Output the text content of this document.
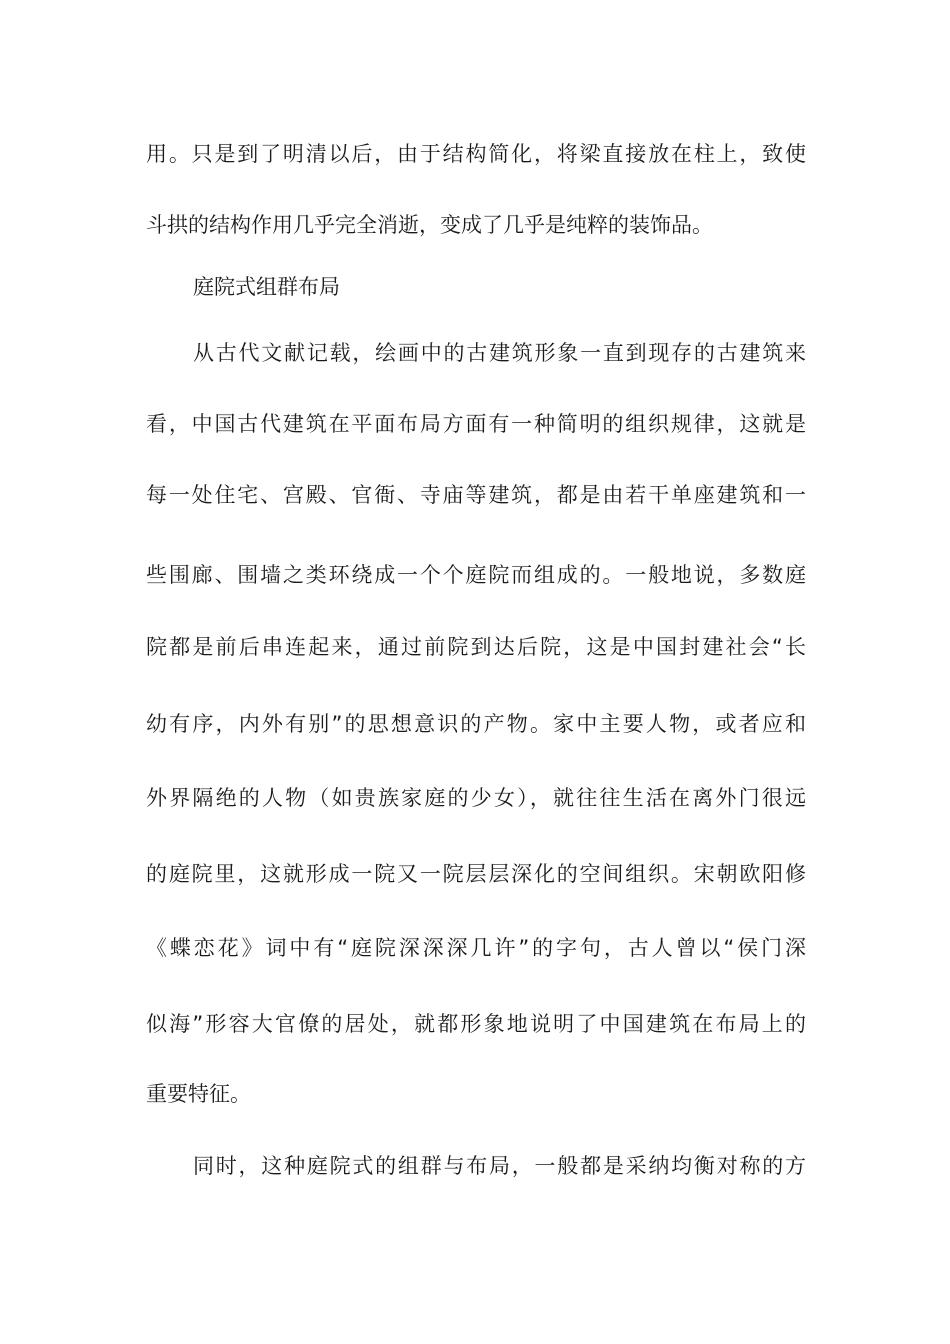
用。只是到了明清以后，由于结构简化，将梁直接放在柱上，致使
斗拱的结构作用几乎完全消逝，变成了几乎是纯粹的装饰品。
庭院式组群布局
从古代文献记载，绘画中的古建筑形象一直到现存的古建筑来
看，中国古代建筑在平面布局方面有一种简明的组织规律，这就是
每一处住宅、宫殿、官衙、寺庙等建筑，都是由若干单座建筑和一
些围廊、围墙之类环绕成一个个庭院而组成的。一般地说，多数庭
院都是前后串连起来，通过前院到达后院，这是中国封建社会“长
幼有序，内外有别”的思想意识的产物。家中主要人物，或者应和
外界隔绝的人物（如贵族家庭的少女），就往往生活在离外门很远
的庭院里，这就形成一院又一院层层深化的空间组织。宋朝欧阳修
《蝶恋花》词中有“庭院深深深几许”的字句，古人曾以“侯门深
似海”形容大官僚的居处，就都形象地说明了中国建筑在布局上的
重要特征。
同时，这种庭院式的组群与布局，一般都是采纳均衡对称的方
